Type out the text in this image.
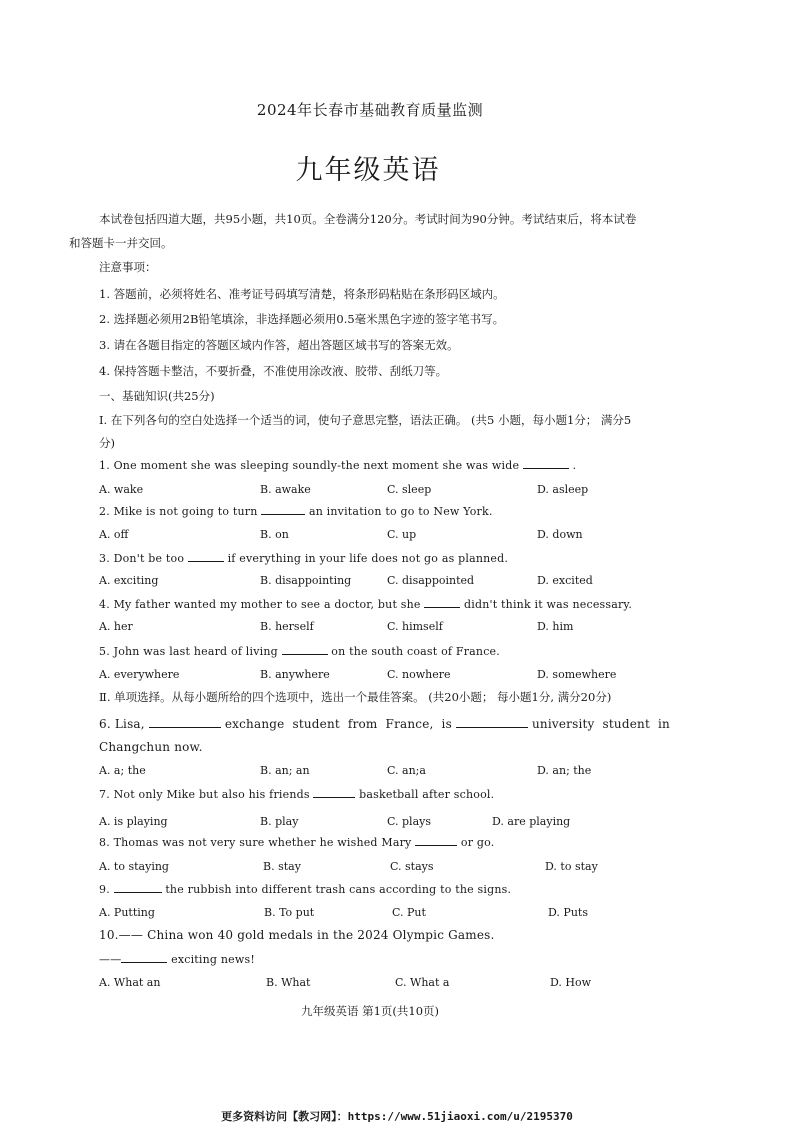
2024年长春市基础教育质量监测
九年级英语
本试卷包括四道大题，共95小题，共10页。全卷满分120分。考试时间为90分钟。考试结束后，将本试卷
和答题卡一并交回。
注意事项：
1. 答题前，必须将姓名、准考证号码填写清楚，将条形码粘贴在条形码区域内。
2. 选择题必须用2B铅笔填涂，非选择题必须用0.5毫米黑色字迹的签字笔书写。
3. 请在各题目指定的答题区域内作答，超出答题区域书写的答案无效。
4. 保持答题卡整洁，不要折叠，不准使用涂改液、胶带、刮纸刀等。
一、基础知识(共25分)
I. 在下列各句的空白处选择一个适当的词，使句子意思完整，语法正确。 (共5 小题，每小题1分； 满分5
分)
1. One moment she was sleeping soundly-the next moment she was wide	.
A. wake	B. awake	C. sleep	D. asleep
2. Mike is not going to turn	an invitation to go to New York.
A. off	B. on	C. up	D. down
3. Don't be too	if everything in your life does not go as planned.
A. exciting	B. disappointing	C. disappointed	D. excited
4. My father wanted my mother to see a doctor, but she	didn't think it was necessary.
A. her	B. herself	C. himself	D. him
5. John was last heard of living	on the south coast of France.
A. everywhere	B. anywhere	C. nowhere	D. somewhere
Ⅱ. 单项选择。从每小题所给的四个选项中，选出一个最佳答案。 (共20小题； 每小题1分, 满分20分)
6. Lisa,	exchange  student  from  France,  is	university  student  in
Changchun now.
A. a; the	B. an; an	C. an;a	D. an; the
7. Not only Mike but also his friends	basketball after school.
A. is playing	B. play	C. plays	D. are playing
8. Thomas was not very sure whether he wished Mary	or go.
A. to staying	B. stay	C. stays	D. to stay
9.	the rubbish into different trash cans according to the signs.
A. Putting	B. To put	C. Put	D. Puts
10.—— China won 40 gold medals in the 2024 Olympic Games.
——	exciting news!
A. What an	B. What	C. What a	D. How
九年级英语 第1页(共10页)
更多资料访问【教习网】：https://www.51jiaoxi.com/u/2195370
